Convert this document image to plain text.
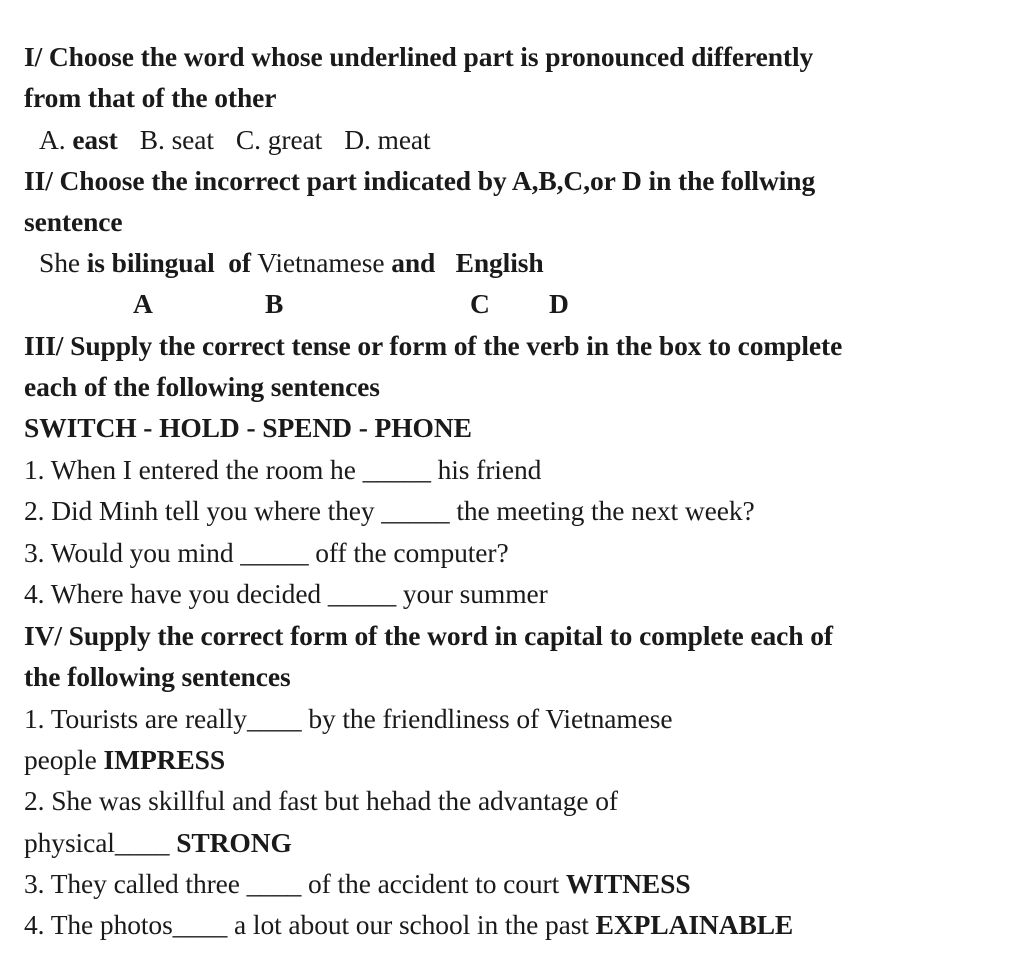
I/ Choose the word whose underlined part is pronounced differently
from that of the other
A. east B. seat C. great D. meat
II/ Choose the incorrect part indicated by A,B,C,or D in the follwing
sentence
She is bilingual of Vietnamese and English
A	B	C D
III/ Supply the correct tense or form of the verb in the box to complete
each of the following sentences
SWITCH - HOLD - SPEND - PHONE
1. When I entered the room he _____ his friend
2. Did Minh tell you where they _____ the meeting the next week?
3. Would you mind _____ off the computer?
4. Where have you decided _____ your summer
IV/ Supply the correct form of the word in capital to complete each of
the following sentences
1. Tourists are really____ by the friendliness of Vietnamese
people IMPRESS
2. She was skillful and fast but hehad the advantage of
physical____ STRONG
3. They called three ____ of the accident to court WITNESS
4. The photos____ a lot about our school in the past EXPLAINABLE
